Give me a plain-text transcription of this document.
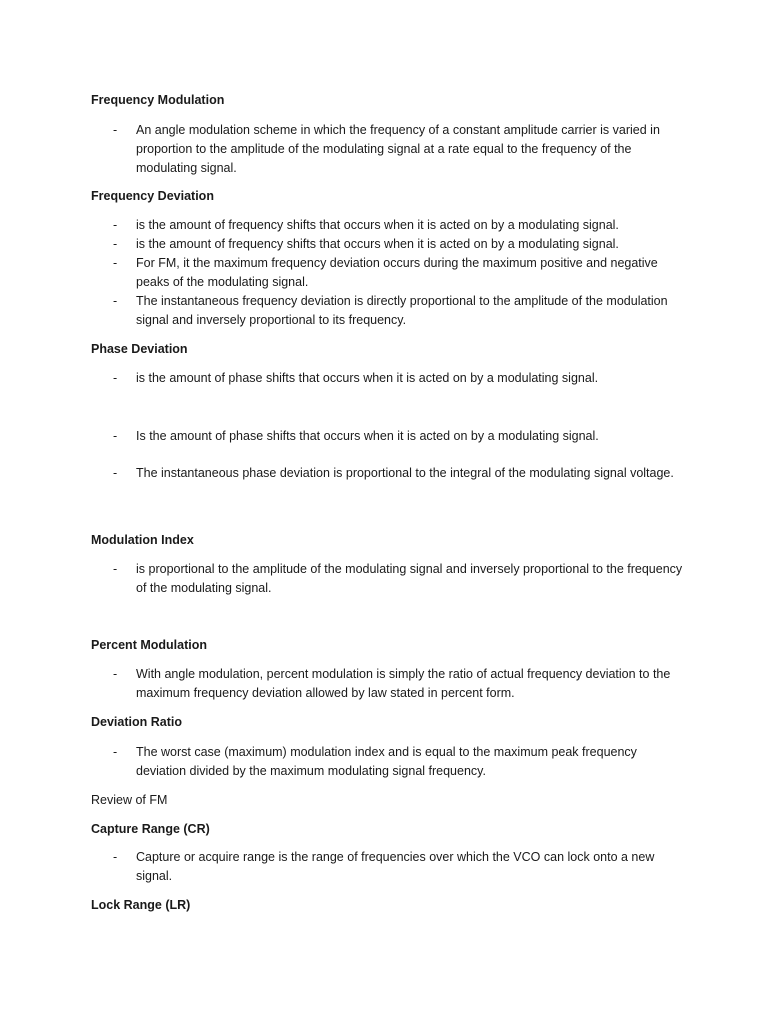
Frequency Modulation

- An angle modulation scheme in which the frequency of a constant amplitude carrier is varied in proportion to the amplitude of the modulating signal at a rate equal to the frequency of the modulating signal.

Frequency Deviation

- is the amount of frequency shifts that occurs when it is acted on by a modulating signal.
- is the amount of frequency shifts that occurs when it is acted on by a modulating signal.
- For FM, it the maximum frequency deviation occurs during the maximum positive and negative peaks of the modulating signal.
- The instantaneous frequency deviation is directly proportional to the amplitude of the modulation signal and inversely proportional to its frequency.

Phase Deviation

- is the amount of phase shifts that occurs when it is acted on by a modulating signal.
- Is the amount of phase shifts that occurs when it is acted on by a modulating signal.
- The instantaneous phase deviation is proportional to the integral of the modulating signal voltage.

Modulation Index

- is proportional to the amplitude of the modulating signal and inversely proportional to the frequency of the modulating signal.

Percent Modulation

- With angle modulation, percent modulation is simply the ratio of actual frequency deviation to the maximum frequency deviation allowed by law stated in percent form.

Deviation Ratio

- The worst case (maximum) modulation index and is equal to the maximum peak frequency deviation divided by the maximum modulating signal frequency.

Review of FM

Capture Range (CR)

- Capture or acquire range is the range of frequencies over which the VCO can lock onto a new signal.

Lock Range (LR)
